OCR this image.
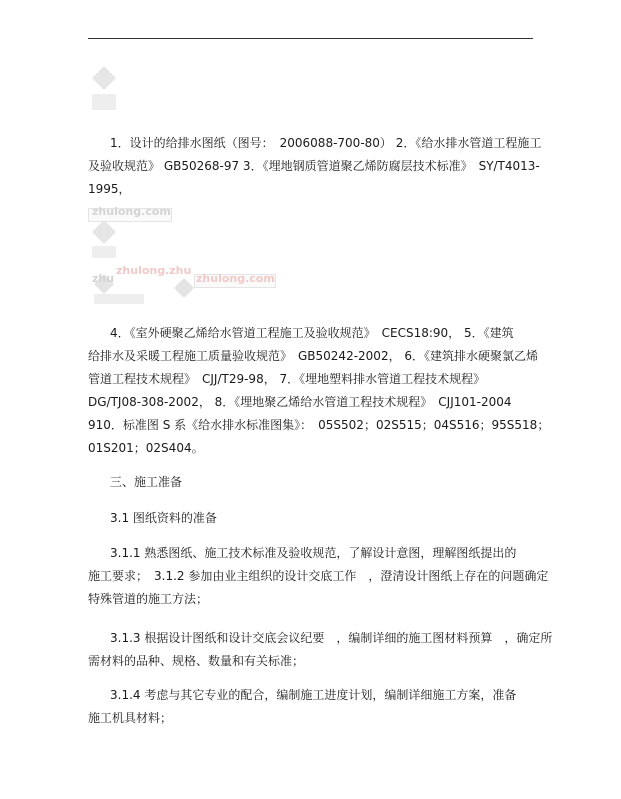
zhulong.com
zhulong.zhu
zhu	zhulong.com
1．设计的给排水图纸（图号：　2006088-700-80） 2．《给水排水管道工程施工
及验收规范》 GB50268-97 3．《埋地钢质管道聚乙烯防腐层技术标准》　SY/T4013-
1995，
4．《室外硬聚乙烯给水管道工程施工及验收规范》　CECS18:90， 5．《建筑
给排水及采暖工程施工质量验收规范》　GB50242-2002， 6．《建筑排水硬聚氯乙烯
管道工程技术规程》　CJJ/T29-98， 7．《埋地塑料排水管道工程技术规程》
DG/TJ08-308-2002， 8．《埋地聚乙烯给水管道工程技术规程》　CJJ101-2004
910．标准图 S 系《给水排水标准图集》：　05S502；02S515；04S516；95S518；
01S201；02S404。
三、施工准备
3.1 图纸资料的准备
3.1.1 熟悉图纸、施工技术标准及验收规范，了解设计意图，理解图纸提出的
施工要求；　3.1.2 参加由业主组织的设计交底工作　，澄清设计图纸上存在的问题确定
特殊管道的施工方法；
3.1.3 根据设计图纸和设计交底会议纪要　，编制详细的施工图材料预算　，确定所
需材料的品种、规格、数量和有关标准；
3.1.4 考虑与其它专业的配合，编制施工进度计划，编制详细施工方案，准备
施工机具材料；
